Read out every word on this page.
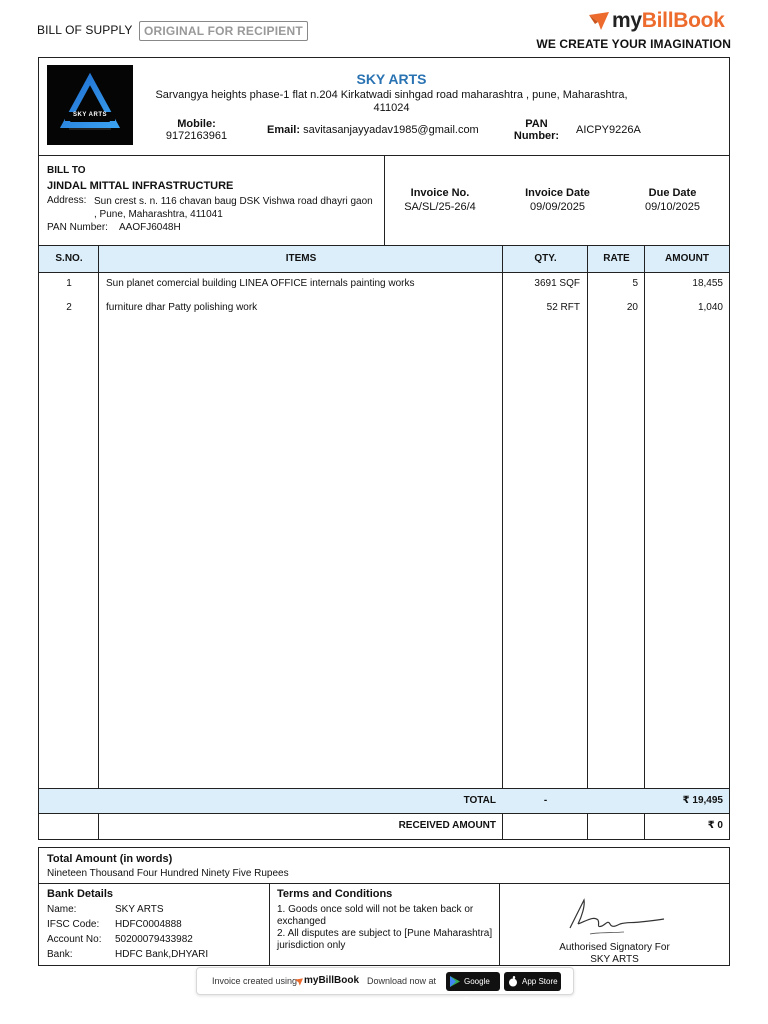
BILL OF SUPPLY ORIGINAL FOR RECIPIENT	my BillBook
WE CREATE YOUR IMAGINATION
SKY ARTS
SKY ARTS
Sarvangya heights phase-1 flat n.204 Kirkatwadi sinhgad road maharashtra , pune, Maharashtra, 411024
Mobile:
9172163961	Email: savitasanjayyadav1985@gmail.com	PAN Number:	AICPY9226A
BILL TO
JINDAL MITTAL INFRASTRUCTURE
Address: Sun crest s. n. 116 chavan baug DSK Vishwa road dhayri gaon , Pune, Maharashtra, 411041
PAN Number: AAOFJ6048H
Invoice No.
SA/SL/25-26/4
Invoice Date
09/09/2025
Due Date
09/10/2025
S.NO.	ITEMS	QTY.	RATE	AMOUNT
1	Sun planet comercial building LINEA OFFICE internals painting works	3691 SQF	5	18,455
2	furniture dhar Patty polishing work	52 RFT	20	1,040
TOTAL	-	₹ 19,495
RECEIVED AMOUNT	₹ 0
Total Amount (in words)
Nineteen Thousand Four Hundred Ninety Five Rupees
Bank Details
Name:	SKY ARTS
IFSC Code: HDFC0004888
Account No: 50200079433982
Bank:	HDFC Bank,DHYARI
Terms and Conditions
1. Goods once sold will not be taken back or exchanged
2. All disputes are subject to [Pune Maharashtra] jurisdiction only	Authorised Signatory For
SKY ARTS
Invoice created using myBillBook Download now at	Google Play
App Store
